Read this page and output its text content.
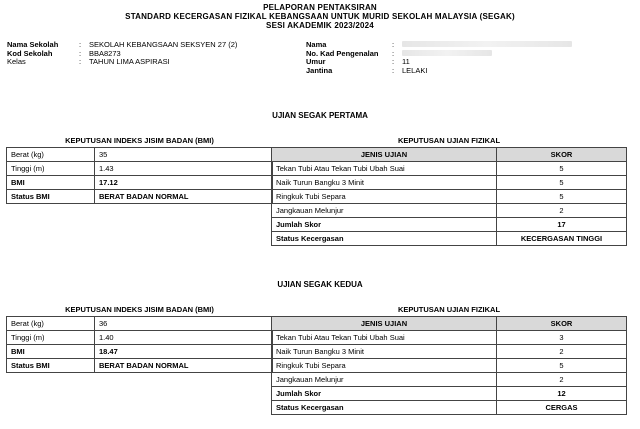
PELAPORAN PENTAKSIRAN
STANDARD KECERGASAN FIZIKAL KEBANGSAAN UNTUK MURID SEKOLAH MALAYSIA (SEGAK)
SESI AKADEMIK 2023/2024
Nama Sekolah	:	SEKOLAH KEBANGSAAN SEKSYEN 27 (2)
Kod Sekolah	:	BBA8273
Kelas	:	TAHUN LIMA ASPIRASI
Nama	:
No. Kad Pengenalan	:
Umur	:	11
Jantina	:	LELAKI
UJIAN SEGAK PERTAMA
KEPUTUSAN INDEKS JISIM BADAN (BMI)	
Berat (kg)	35
Tinggi (m)	1.43
BMI	17.12
Status BMI	BERAT BADAN NORMAL
KEPUTUSAN UJIAN FIZIKAL	
JENIS UJIAN	SKOR
Tekan Tubi Atau Tekan Tubi Ubah Suai	5
Naik Turun Bangku 3 Minit	5
Ringkuk Tubi Separa	5
Jangkauan Melunjur	2
Jumlah Skor	17
Status Kecergasan	KECERGASAN TINGGI
UJIAN SEGAK KEDUA
KEPUTUSAN INDEKS JISIM BADAN (BMI)	
Berat (kg)	36
Tinggi (m)	1.40
BMI	18.47
Status BMI	BERAT BADAN NORMAL
KEPUTUSAN UJIAN FIZIKAL	
JENIS UJIAN	SKOR
Tekan Tubi Atau Tekan Tubi Ubah Suai	3
Naik Turun Bangku 3 Minit	2
Ringkuk Tubi Separa	5
Jangkauan Melunjur	2
Jumlah Skor	12
Status Kecergasan	CERGAS
